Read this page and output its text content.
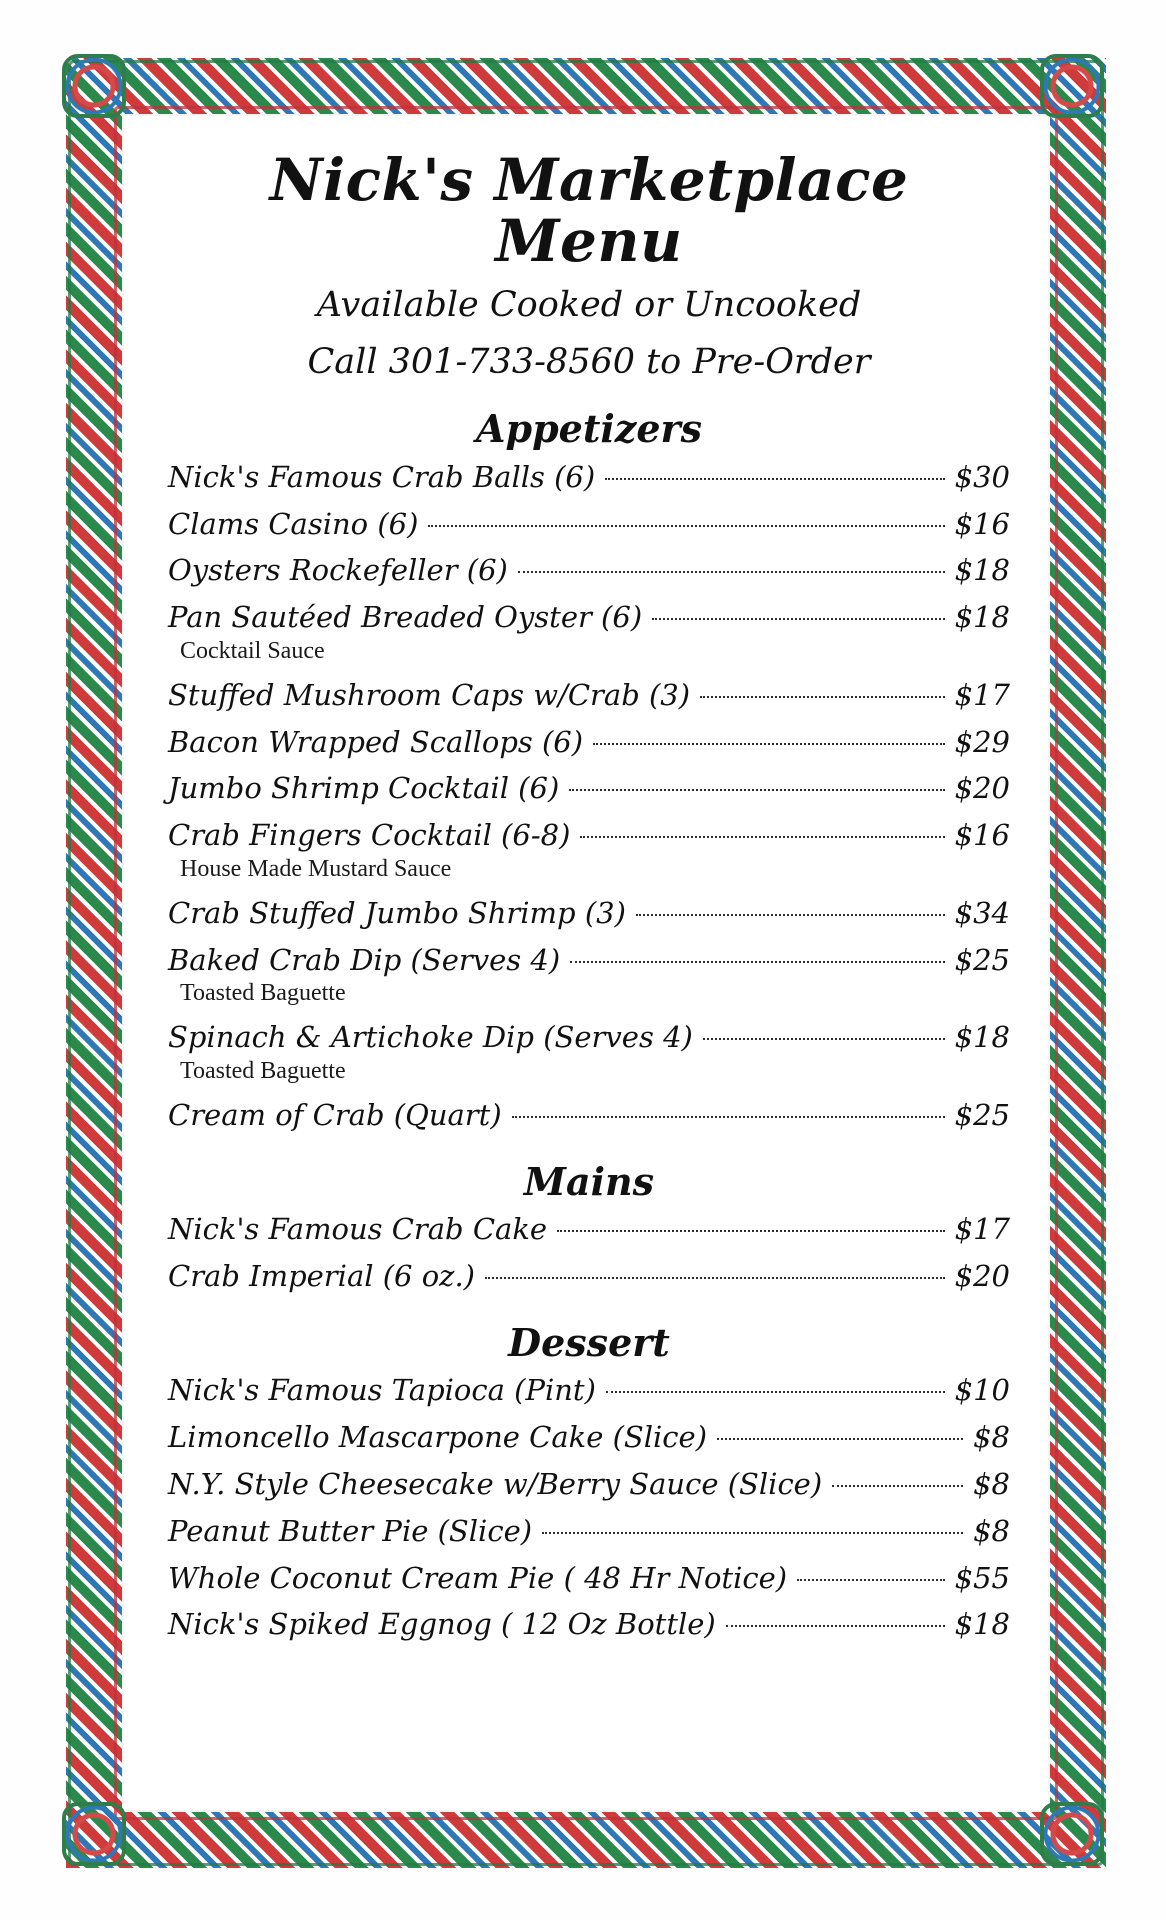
Nick's Marketplace Menu
Available Cooked or Uncooked
Call 301-733-8560 to Pre-Order
Appetizers
Nick's Famous Crab Balls (6)	$30
Clams Casino (6)	$16
Oysters Rockefeller (6)	$18
Pan Sautéed Breaded Oyster (6)	$18
Cocktail Sauce
Stuffed Mushroom Caps w/Crab (3)	$17
Bacon Wrapped Scallops (6)	$29
Jumbo Shrimp Cocktail (6)	$20
Crab Fingers Cocktail (6-8)	$16
House Made Mustard Sauce
Crab Stuffed Jumbo Shrimp (3)	$34
Baked Crab Dip (Serves 4)	$25
Toasted Baguette
Spinach & Artichoke Dip (Serves 4)	$18
Toasted Baguette
Cream of Crab (Quart)	$25
Mains
Nick's Famous Crab Cake	$17
Crab Imperial (6 oz.)	$20
Dessert
Nick's Famous Tapioca (Pint)	$10
Limoncello Mascarpone Cake (Slice)	$8
N.Y. Style Cheesecake w/Berry Sauce (Slice)	$8
Peanut Butter Pie (Slice)	$8
Whole Coconut Cream Pie ( 48 Hr Notice)	$55
Nick's Spiked Eggnog ( 12 Oz Bottle)	$18
